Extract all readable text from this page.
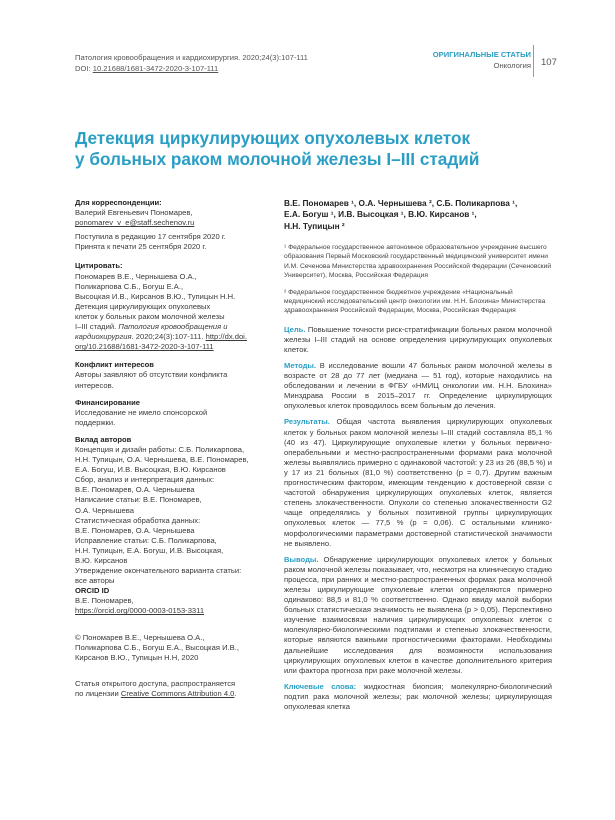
Патология кровообращения и кардиохирургия. 2020;24(3):107-111
DOI: 10.21688/1681-3472-2020-3-107-111
ОРИГИНАЛЬНЫЕ СТАТЬИ
Онкология 107
Детекция циркулирующих опухолевых клеток
у больных раком молочной железы I–III стадий
Для корреспонденции:
Валерий Евгеньевич Пономарев,
ponomarev_v_e@staff.sechenov.ru
Поступила в редакцию 17 сентября 2020 г.
Принята к печати 25 сентября 2020 г.
Цитировать:
Пономарев В.Е., Чернышева О.А.,
Поликарпова С.Б., Богуш Е.А.,
Высоцкая И.В., Кирсанов В.Ю., Тупицын Н.Н.
Детекция циркулирующих опухолевых
клеток у больных раком молочной железы
I–III стадий. Патология кровообращения и
кардиохирургия. 2020;24(3):107-111. http://dx.doi.
org/10.21688/1681-3472-2020-3-107-111
Конфликт интересов
Авторы заявляют об отсутствии конфликта
интересов.
Финансирование
Исследование не имело спонсорской
поддержки.
Вклад авторов
Концепция и дизайн работы: С.Б. Поликарпова,
Н.Н. Тупицын, О.А. Чернышева, В.Е. Пономарев,
Е.А. Богуш, И.В. Высоцкая, В.Ю. Кирсанов
Сбор, анализ и интерпретация данных:
В.Е. Пономарев, О.А. Чернышева
Написание статьи: В.Е. Пономарев,
О.А. Чернышева
Статистическая обработка данных:
В.Е. Пономарев, О.А. Чернышева
Исправление статьи: С.Б. Поликарпова,
Н.Н. Тупицын, Е.А. Богуш, И.В. Высоцкая,
В.Ю. Кирсанов
Утверждение окончательного варианта статьи:
все авторы
ORCID ID
В.Е. Пономарев,
https://orcid.org/0000-0003-0153-3311
© Пономарев В.Е., Чернышева О.А.,
Поликарпова С.Б., Богуш Е.А., Высоцкая И.В.,
Кирсанов В.Ю., Тупицын Н.Н, 2020
Статья открытого доступа, распространяется
по лицензии Creative Commons Attribution 4.0.
В.Е. Пономарев ¹, О.А. Чернышева ², С.Б. Поликарпова ¹,
Е.А. Богуш ¹, И.В. Высоцкая ¹, В.Ю. Кирсанов ¹,
Н.Н. Тупицын ²
¹ Федеральное государственное автономное образовательное учреждение высшего образования Первый Московский государственный медицинский университет имени И.М. Сеченова Министерства здравоохранения Российской Федерации (Сеченовский Университет), Москва, Российская Федерация
² Федеральное государственное бюджетное учреждение «Национальный медицинский исследовательский центр онкологии им. Н.Н. Блохина» Министерства здравоохранения Российской Федерации, Москва, Российская Федерация
Цель. Повышение точности риск-стратификации больных раком молочной железы I–III стадий на основе определения циркулирующих опухолевых клеток.
Методы. В исследование вошли 47 больных раком молочной железы в возрасте от 28 до 77 лет (медиана — 51 год), которые находились на обследовании и лечении в ФГБУ «НМИЦ онкологии им. Н.Н. Блохина» Минздрава России в 2015–2017 гг. Определение циркулирующих опухолевых клеток проводилось всем больным до лечения.
Результаты. Общая частота выявления циркулирующих опухолевых клеток у больных раком молочной железы I–III стадий составляла 85,1 % (40 из 47). Циркулирующие опухолевые клетки у больных первично-операбельными и местно-распространенными формами рака молочной железы выявлялись примерно с одинаковой частотой: у 23 из 26 (88,5 %) и у 17 из 21 больных (81,0 %) соответственно (p = 0,7). Другим важным прогностическим фактором, имеющим тенденцию к достоверной связи с частотой обнаружения циркулирующих опухолевых клеток, является степень злокачественности. Опухоли со степенью злокачественности G2 чаще определялись у больных позитивной группы циркулирующих опухолевых клеток — 77,5 % (p = 0,06). С остальными клинико-морфологическими параметрами достоверной статистической значимости не выявлено.
Выводы. Обнаружение циркулирующих опухолевых клеток у больных раком молочной железы показывает, что, несмотря на клиническую стадию процесса, при ранних и местно-распространенных формах рака молочной железы циркулирующие опухолевые клетки определяются примерно одинаково: 88,5 и 81,0 % соответственно. Однако ввиду малой выборки больных статистическая значимость не выявлена (p > 0,05). Перспективно изучение взаимосвязи наличия циркулирующих опухолевых клеток с молекулярно-биологическими подтипами и степенью злокачественности, которые являются важными прогностическими факторами. Необходимы дальнейшие исследования для возможности использования циркулирующих опухолевых клеток в качестве дополнительного критерия или фактора прогноза при раке молочной железы.
Ключевые слова: жидкостная биопсия; молекулярно-биологический подтип рака молочной железы; рак молочной железы; циркулирующая опухолевая клетка
